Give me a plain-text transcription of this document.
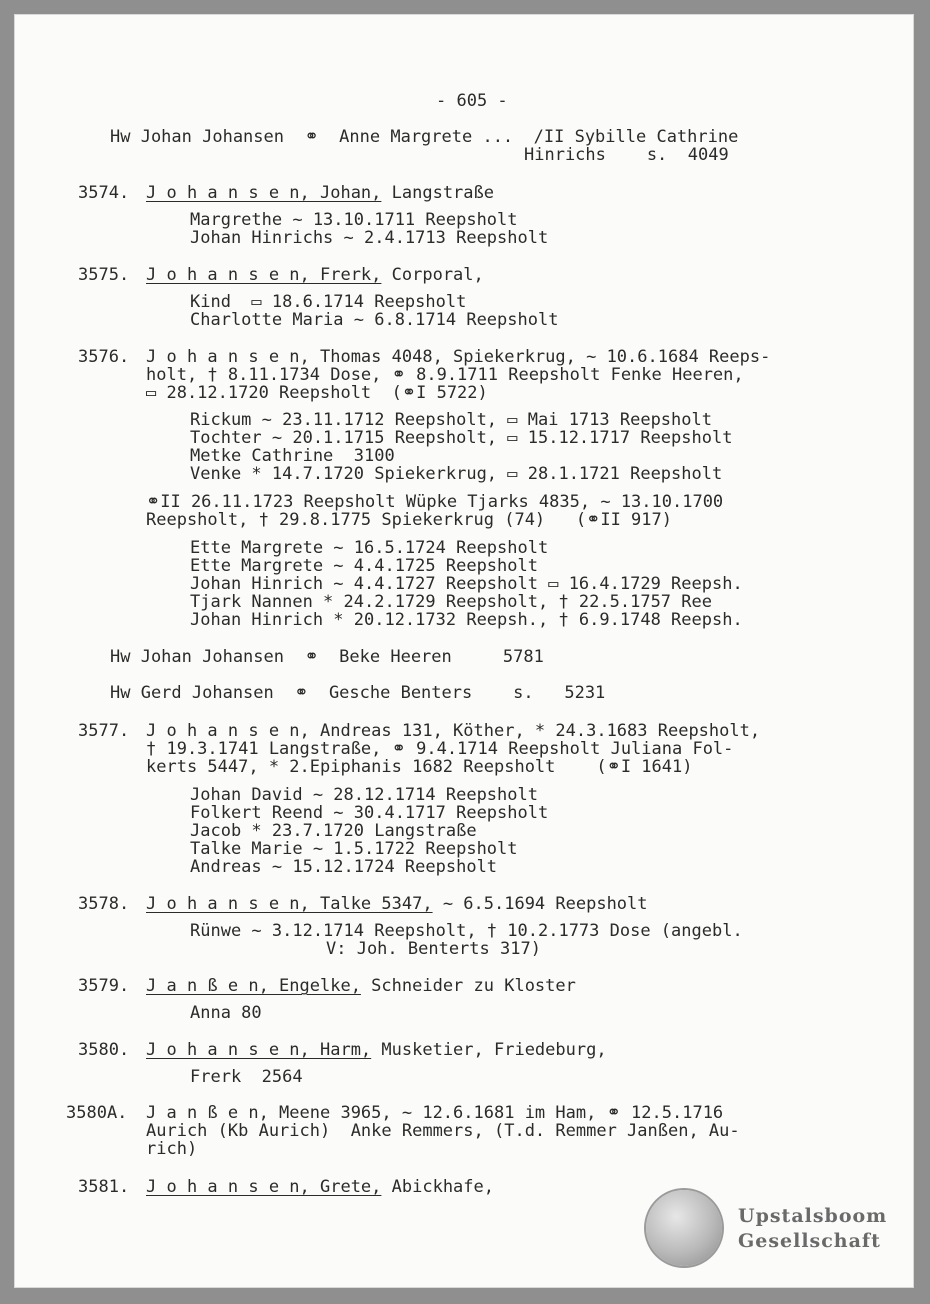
- 605 -
Hw Johan Johansen  ⚭  Anne Margrete ...  /II Sybille Cathrine
Hinrichs    s.  4049
3574. J o h a n s e n, Johan, Langstraße
Margrethe ~ 13.10.1711 Reepsholt
Johan Hinrichs ~ 2.4.1713 Reepsholt
3575. J o h a n s e n, Frerk, Corporal,
Kind  ▭ 18.6.1714 Reepsholt
Charlotte Maria ~ 6.8.1714 Reepsholt
3576. J o h a n s e n, Thomas 4048, Spiekerkrug, ~ 10.6.1684 Reeps-
holt, † 8.11.1734 Dose, ⚭ 8.9.1711 Reepsholt Fenke Heeren,
▭ 28.12.1720 Reepsholt  (⚭I 5722)
Rickum ~ 23.11.1712 Reepsholt, ▭ Mai 1713 Reepsholt
Tochter ~ 20.1.1715 Reepsholt, ▭ 15.12.1717 Reepsholt
Metke Cathrine  3100
Venke * 14.7.1720 Spiekerkrug, ▭ 28.1.1721 Reepsholt
⚭II 26.11.1723 Reepsholt Wüpke Tjarks 4835, ~ 13.10.1700
Reepsholt, † 29.8.1775 Spiekerkrug (74)   (⚭II 917)
Ette Margrete ~ 16.5.1724 Reepsholt
Ette Margrete ~ 4.4.1725 Reepsholt
Johan Hinrich ~ 4.4.1727 Reepsholt ▭ 16.4.1729 Reepsh.
Tjark Nannen * 24.2.1729 Reepsholt, † 22.5.1757 Ree
Johan Hinrich * 20.12.1732 Reepsh., † 6.9.1748 Reepsh.
Hw Johan Johansen  ⚭  Beke Heeren     5781
Hw Gerd Johansen  ⚭  Gesche Benters    s.   5231
3577. J o h a n s e n, Andreas 131, Köther, * 24.3.1683 Reepsholt,
† 19.3.1741 Langstraße, ⚭ 9.4.1714 Reepsholt Juliana Fol-
kerts 5447, * 2.Epiphanis 1682 Reepsholt    (⚭I 1641)
Johan David ~ 28.12.1714 Reepsholt
Folkert Reend ~ 30.4.1717 Reepsholt
Jacob * 23.7.1720 Langstraße
Talke Marie ~ 1.5.1722 Reepsholt
Andreas ~ 15.12.1724 Reepsholt
3578. J o h a n s e n, Talke 5347, ~ 6.5.1694 Reepsholt
Rünwe ~ 3.12.1714 Reepsholt, † 10.2.1773 Dose (angebl.
V: Joh. Benterts 317)
3579. J a n ß e n, Engelke, Schneider zu Kloster
Anna 80
3580. J o h a n s e n, Harm, Musketier, Friedeburg,
Frerk  2564
3580A. J a n ß e n, Meene 3965, ~ 12.6.1681 im Ham, ⚭ 12.5.1716
Aurich (Kb Aurich)  Anke Remmers, (T.d. Remmer Janßen, Au-
rich)
3581. J o h a n s e n, Grete, Abickhafe,
Upstalsboom
Gesellschaft
